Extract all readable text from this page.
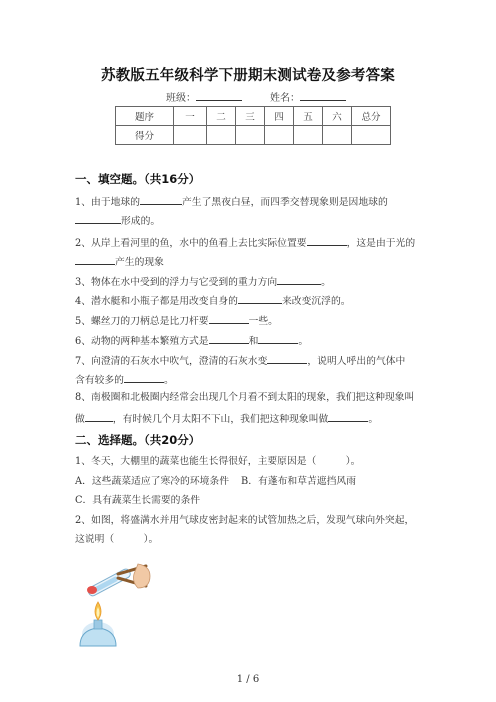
苏教版五年级科学下册期末测试卷及参考答案
班级：	姓名：
题序	一	二	三	四	五	六	总分
得分							
一、填空题。（共16分）
1、由于地球的	产生了黑夜白昼，而四季交替现象则是因地球的
形成的。
2、从岸上看河里的鱼，水中的鱼看上去比实际位置要	，这是由于光的
产生的现象
3、物体在水中受到的浮力与它受到的重力方向	。
4、潜水艇和小瓶子都是用改变自身的	来改变沉浮的。
5、螺丝刀的刀柄总是比刀杆要	一些。
6、动物的两种基本繁殖方式是	和	。
7、向澄清的石灰水中吹气，澄清的石灰水变	，说明人呼出的气体中
含有较多的	。
8、南极圈和北极圈内经常会出现几个月看不到太阳的现象，我们把这种现象叫
做	，有时候几个月太阳不下山，我们把这种现象叫做	。
二、选择题。（共20分）
1、冬天，大棚里的蔬菜也能生长得很好，主要原因是（　　　）。
A．这些蔬菜适应了寒冷的环境条件 B．有蓬布和草苫遮挡风雨
C．具有蔬菜生长需要的条件
2、如图，将盛满水并用气球皮密封起来的试管加热之后，发现气球向外突起，
这说明（　　　）。
1 / 6
